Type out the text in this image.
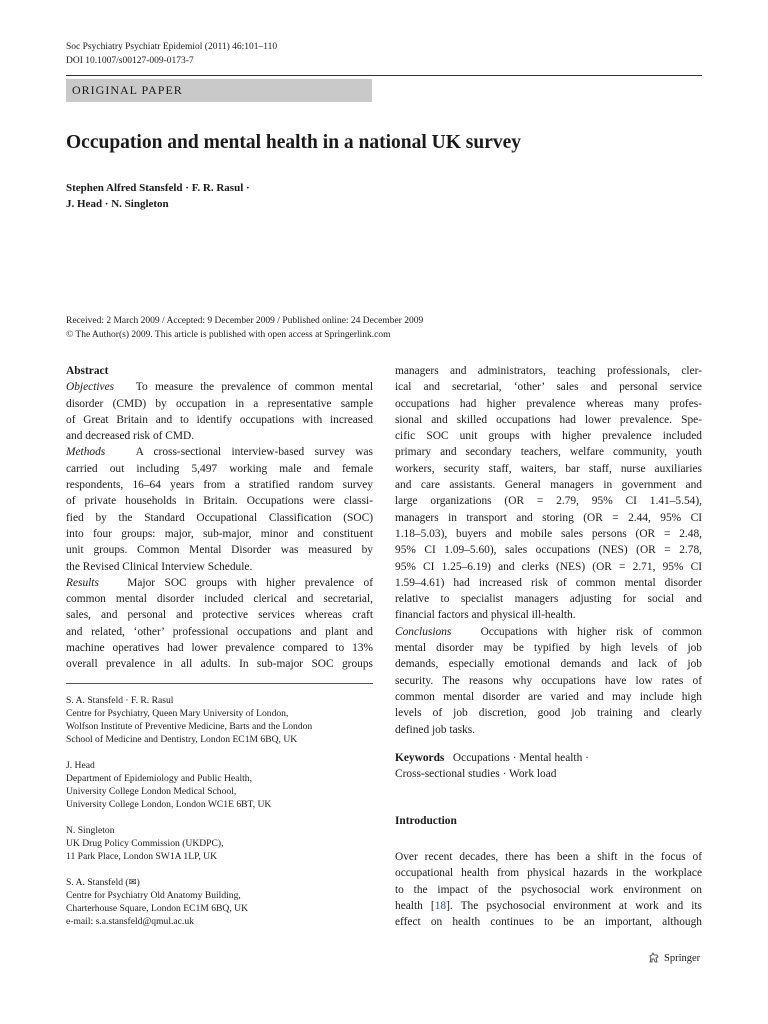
Soc Psychiatry Psychiatr Epidemiol (2011) 46:101–110
DOI 10.1007/s00127-009-0173-7
ORIGINAL PAPER
Occupation and mental health in a national UK survey
Stephen Alfred Stansfeld · F. R. Rasul ·
J. Head · N. Singleton
Received: 2 March 2009 / Accepted: 9 December 2009 / Published online: 24 December 2009
© The Author(s) 2009. This article is published with open access at Springerlink.com
Abstract
Objectives To measure the prevalence of common mental
disorder (CMD) by occupation in a representative sample
of Great Britain and to identify occupations with increased
and decreased risk of CMD.
Methods	A cross-sectional interview-based survey was
carried out including 5,497 working male and female
respondents, 16–64 years from a stratified random survey
of private households in Britain. Occupations were classi-
fied by the Standard Occupational Classification (SOC)
into four groups: major, sub-major, minor and constituent
unit groups. Common Mental Disorder was measured by
the Revised Clinical Interview Schedule.
Results Major SOC groups with higher prevalence of
common mental disorder included clerical and secretarial,
sales, and personal and protective services whereas craft
and related, ‘other’ professional occupations and plant and
machine operatives had lower prevalence compared to 13%
overall prevalence in all adults. In sub-major SOC groups
S. A. Stansfeld · F. R. Rasul
Centre for Psychiatry, Queen Mary University of London,
Wolfson Institute of Preventive Medicine, Barts and the London
School of Medicine and Dentistry, London EC1M 6BQ, UK
J. Head
Department of Epidemiology and Public Health,
University College London Medical School,
University College London, London WC1E 6BT, UK
N. Singleton
UK Drug Policy Commission (UKDPC),
11 Park Place, London SW1A 1LP, UK
S. A. Stansfeld (✉)
Centre for Psychiatry Old Anatomy Building,
Charterhouse Square, London EC1M 6BQ, UK
e-mail: s.a.stansfeld@qmul.ac.uk
managers and administrators, teaching professionals, cler-
ical and secretarial, ‘other’ sales and personal service
occupations had higher prevalence whereas many profes-
sional and skilled occupations had lower prevalence. Spe-
cific SOC unit groups with higher prevalence included
primary and secondary teachers, welfare community, youth
workers, security staff, waiters, bar staff, nurse auxiliaries
and care assistants. General managers in government and
large organizations (OR = 2.79, 95% CI 1.41–5.54),
managers in transport and storing (OR = 2.44, 95% CI
1.18–5.03), buyers and mobile sales persons (OR = 2.48,
95% CI 1.09–5.60), sales occupations (NES) (OR = 2.78,
95% CI 1.25–6.19) and clerks (NES) (OR = 2.71, 95% CI
1.59–4.61) had increased risk of common mental disorder
relative to specialist managers adjusting for social and
financial factors and physical ill-health.
Conclusions	Occupations with higher risk of common
mental disorder may be typified by high levels of job
demands, especially emotional demands and lack of job
security. The reasons why occupations have low rates of
common mental disorder are varied and may include high
levels of job discretion, good job training and clearly
defined job tasks.
Keywords Occupations · Mental health ·
Cross-sectional studies · Work load
Introduction
Over recent decades, there has been a shift in the focus of
occupational health from physical hazards in the workplace
to the impact of the psychosocial work environment on
health [18]. The psychosocial environment at work and its
effect on health continues to be an important, although
Springer
